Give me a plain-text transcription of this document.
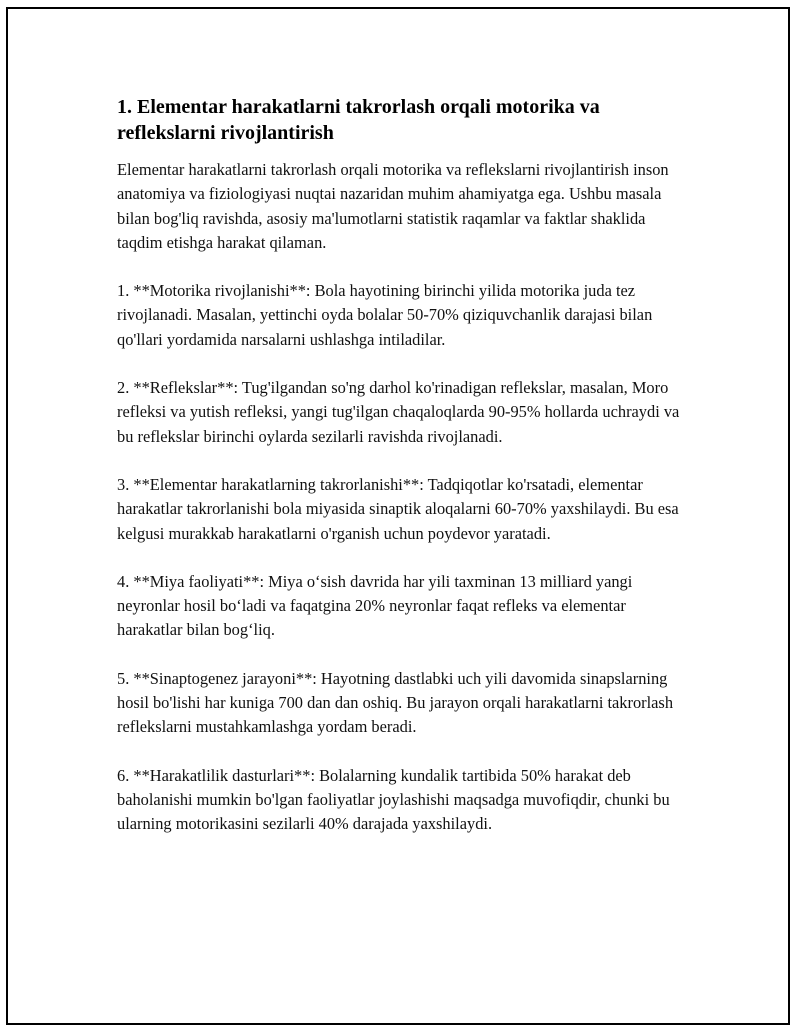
1. Elementar harakatlarni takrorlash orqali motorika va reflekslarni rivojlantirish

Elementar harakatlarni takrorlash orqali motorika va reflekslarni rivojlantirish inson anatomiya va fiziologiyasi nuqtai nazaridan muhim ahamiyatga ega. Ushbu masala bilan bog'liq ravishda, asosiy ma'lumotlarni statistik raqamlar va faktlar shaklida taqdim etishga harakat qilaman.

1. **Motorika rivojlanishi**: Bola hayotining birinchi yilida motorika juda tez rivojlanadi. Masalan, yettinchi oyda bolalar 50-70% qiziquvchanlik darajasi bilan qo'llari yordamida narsalarni ushlashga intiladilar.

2. **Reflekslar**: Tug'ilgandan so'ng darhol ko'rinadigan reflekslar, masalan, Moro refleksi va yutish refleksi, yangi tug'ilgan chaqaloqlarda 90-95% hollarda uchraydi va bu reflekslar birinchi oylarda sezilarli ravishda rivojlanadi.

3. **Elementar harakatlarning takrorlanishi**: Tadqiqotlar ko'rsatadi, elementar harakatlar takrorlanishi bola miyasida sinaptik aloqalarni 60-70% yaxshilaydi. Bu esa kelgusi murakkab harakatlarni o'rganish uchun poydevor yaratadi.

4. **Miya faoliyati**: Miya o‘sish davrida har yili taxminan 13 milliard yangi neyronlar hosil bo‘ladi va faqatgina 20% neyronlar faqat refleks va elementar harakatlar bilan bog‘liq.

5. **Sinaptogenez jarayoni**: Hayotning dastlabki uch yili davomida sinapslarning hosil bo'lishi har kuniga 700 dan dan oshiq. Bu jarayon orqali harakatlarni takrorlash reflekslarni mustahkamlashga yordam beradi.

6. **Harakatlilik dasturlari**: Bolalarning kundalik tartibida 50% harakat deb baholanishi mumkin bo'lgan faoliyatlar joylashishi maqsadga muvofiqdir, chunki bu ularning motorikasini sezilarli 40% darajada yaxshilaydi.
